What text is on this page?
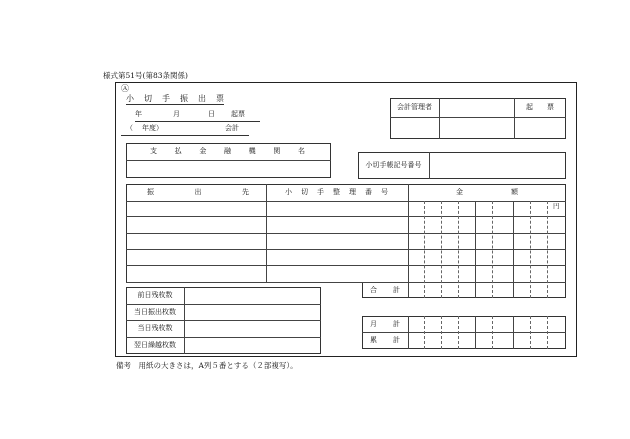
様式第51号(第83条関係)
Ⓐ
小 切 手 振 出 票
年	月	日 起票
（ 年度）	会計
会計管理者	起　　票
支	払	金	融	機	関	名
小切手帳記号番号
振	出	先	小 切 手 整 理 番 号	金	額
円
合 計
前日残枚数
当日振出枚数
当日残枚数
翌日繰越枚数
月 計
累 計
備考　用紙の大きさは，A列５番とする（２部複写）。
